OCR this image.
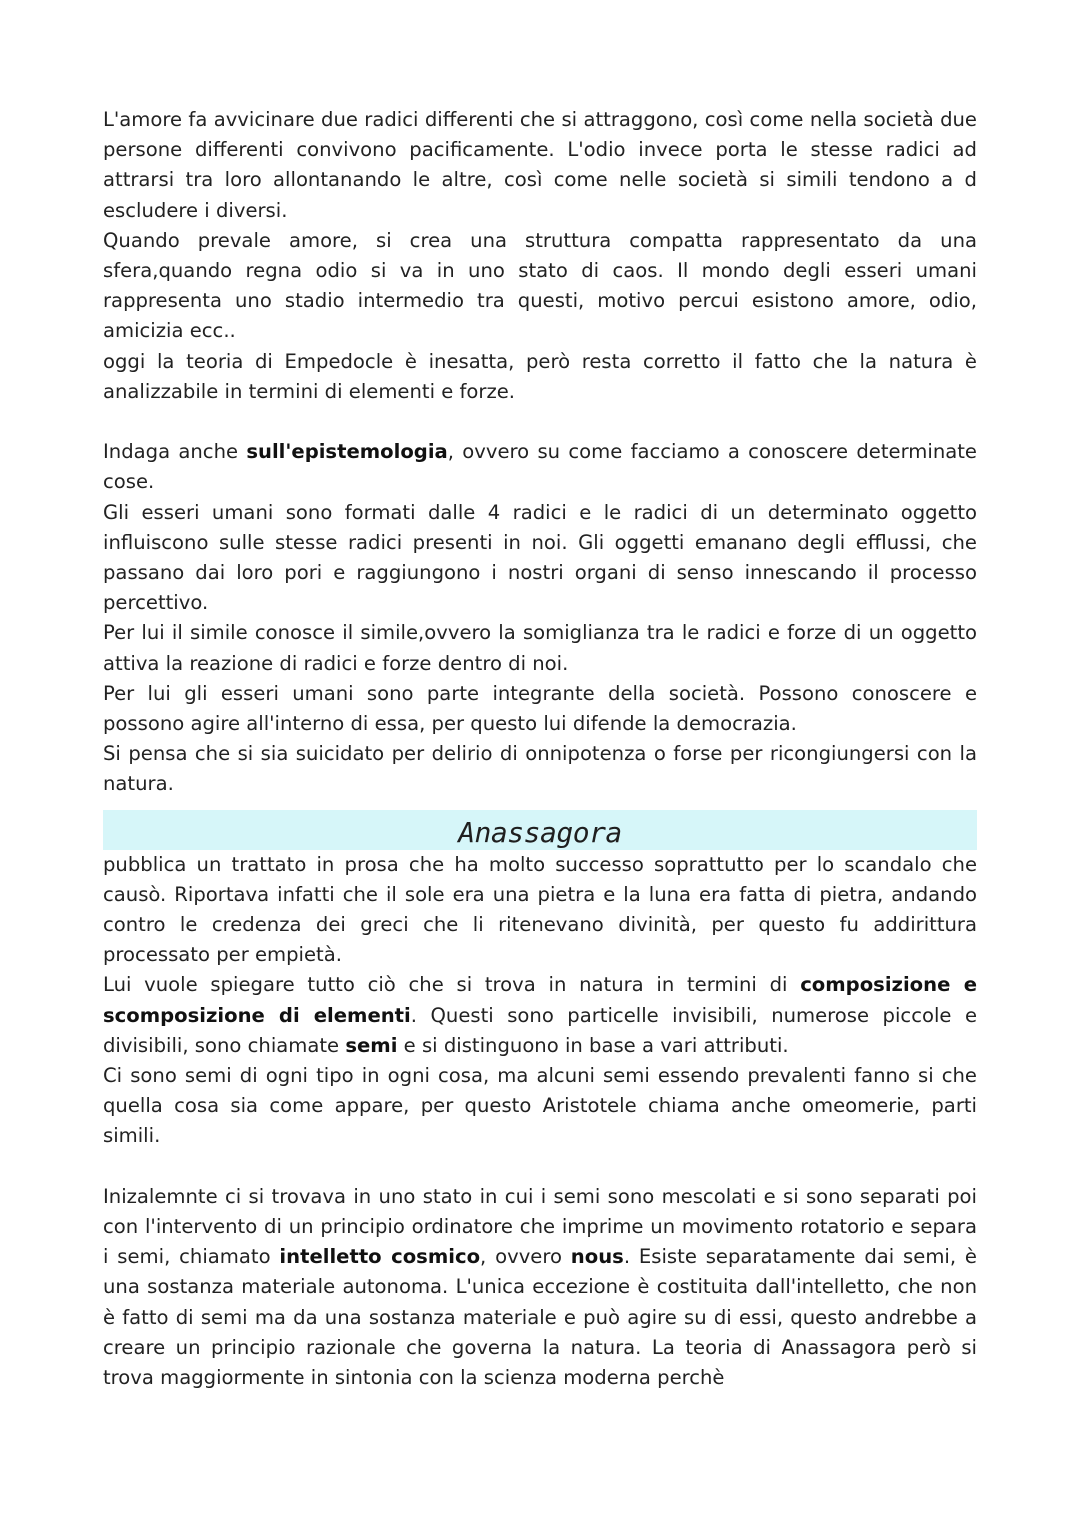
L'amore fa avvicinare due radici differenti che si attraggono, così come nella società due persone differenti convivono pacificamente. L'odio invece porta le stesse radici ad attrarsi tra loro allontanando le altre, così come nelle società si simili tendono a d escludere i diversi.

Quando prevale amore, si crea una struttura compatta rappresentato da una sfera,quando regna odio si va in uno stato di caos. Il mondo degli esseri umani rappresenta uno stadio intermedio tra questi, motivo percui esistono amore, odio, amicizia ecc..

oggi la teoria di Empedocle è inesatta, però resta corretto il fatto che la natura è analizzabile in termini di elementi e forze.

Indaga anche sull'epistemologia, ovvero su come facciamo a conoscere determinate cose.

Gli esseri umani sono formati dalle 4 radici e le radici di un determinato oggetto influiscono sulle stesse radici presenti in noi. Gli oggetti emanano degli efflussi, che passano dai loro pori e raggiungono i nostri organi di senso innescando il processo percettivo.

Per lui il simile conosce il simile,ovvero la somiglianza tra le radici e forze di un oggetto attiva la reazione di radici e forze dentro di noi.

Per lui gli esseri umani sono parte integrante della società. Possono conoscere e possono agire all'interno di essa, per questo lui difende la democrazia.

Si pensa che si sia suicidato per delirio di onnipotenza o forse per ricongiungersi con la natura.

Anassagora

pubblica un trattato in prosa che ha molto successo soprattutto per lo scandalo che causò. Riportava infatti che il sole era una pietra e la luna era fatta di pietra, andando contro le credenza dei greci che li ritenevano divinità, per questo fu addirittura processato per empietà.

Lui vuole spiegare tutto ciò che si trova in natura in termini di composizione e scomposizione di elementi. Questi sono particelle invisibili, numerose piccole e divisibili, sono chiamate semi e si distinguono in base a vari attributi.

Ci sono semi di ogni tipo in ogni cosa, ma alcuni semi essendo prevalenti fanno si che quella cosa sia come appare, per questo Aristotele chiama anche omeomerie, parti simili.

Inizalemnte ci si trovava in uno stato in cui i semi sono mescolati e si sono separati poi con l'intervento di un principio ordinatore che imprime un movimento rotatorio e separa i semi, chiamato intelletto cosmico, ovvero nous. Esiste separatamente dai semi, è una sostanza materiale autonoma. L'unica eccezione è costituita dall'intelletto, che non è fatto di semi ma da una sostanza materiale e può agire su di essi, questo andrebbe a creare un principio razionale che governa la natura. La teoria di Anassagora però si trova maggiormente in sintonia con la scienza moderna perchè
